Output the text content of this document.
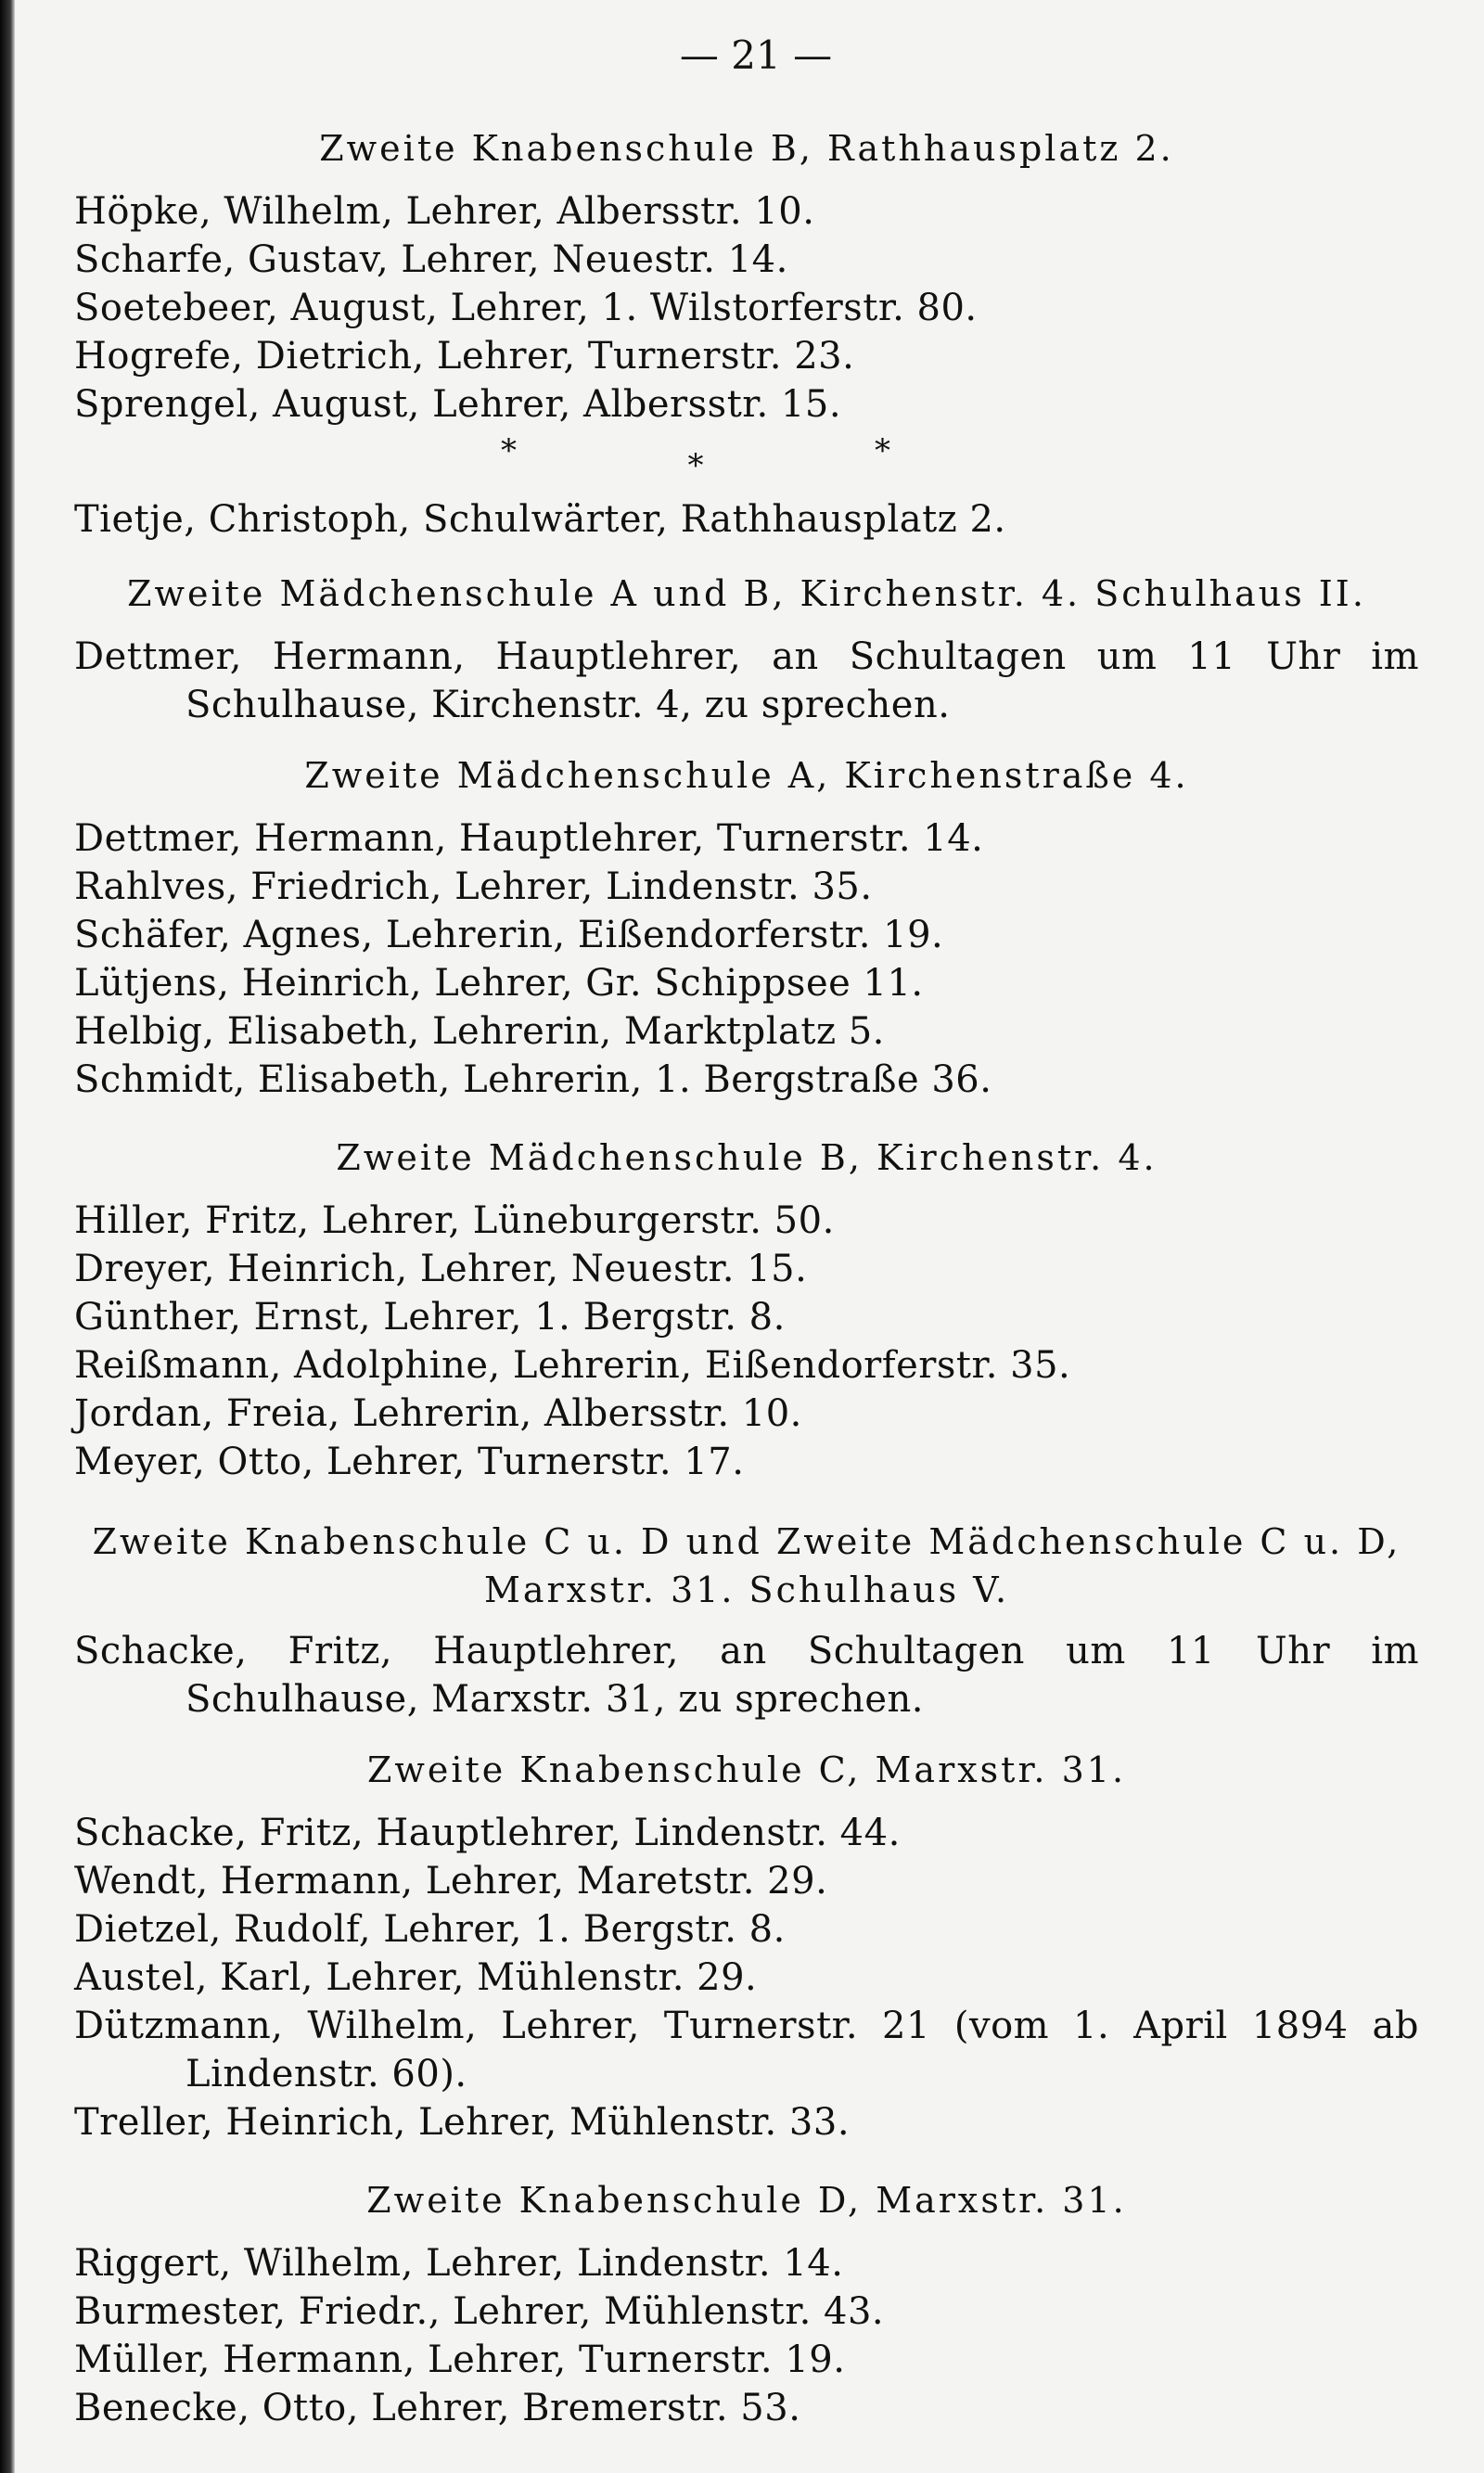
— 21 —
Zweite Knabenschule B, Rathhausplatz 2.
Höpke, Wilhelm, Lehrer, Albersstr. 10.
Scharfe, Gustav, Lehrer, Neuestr. 14.
Soetebeer, August, Lehrer, 1. Wilstorferstr. 80.
Hogrefe, Dietrich, Lehrer, Turnerstr. 23.
Sprengel, August, Lehrer, Albersstr. 15.
*	*	*
Tietje, Christoph, Schulwärter, Rathhausplatz 2.
Zweite Mädchenschule A und B, Kirchenstr. 4. Schulhaus II.
Dettmer, Hermann, Hauptlehrer, an Schultagen um 11 Uhr im Schulhause, Kirchenstr. 4, zu sprechen.
Zweite Mädchenschule A, Kirchenstraße 4.
Dettmer, Hermann, Hauptlehrer, Turnerstr. 14.
Rahlves, Friedrich, Lehrer, Lindenstr. 35.
Schäfer, Agnes, Lehrerin, Eißendorferstr. 19.
Lütjens, Heinrich, Lehrer, Gr. Schippsee 11.
Helbig, Elisabeth, Lehrerin, Marktplatz 5.
Schmidt, Elisabeth, Lehrerin, 1. Bergstraße 36.
Zweite Mädchenschule B, Kirchenstr. 4.
Hiller, Fritz, Lehrer, Lüneburgerstr. 50.
Dreyer, Heinrich, Lehrer, Neuestr. 15.
Günther, Ernst, Lehrer, 1. Bergstr. 8.
Reißmann, Adolphine, Lehrerin, Eißendorferstr. 35.
Jordan, Freia, Lehrerin, Albersstr. 10.
Meyer, Otto, Lehrer, Turnerstr. 17.
Zweite Knabenschule C u. D und Zweite Mädchenschule C u. D, Marxstr. 31. Schulhaus V.
Schacke, Fritz, Hauptlehrer, an Schultagen um 11 Uhr im Schulhause, Marxstr. 31, zu sprechen.
Zweite Knabenschule C, Marxstr. 31.
Schacke, Fritz, Hauptlehrer, Lindenstr. 44.
Wendt, Hermann, Lehrer, Maretstr. 29.
Dietzel, Rudolf, Lehrer, 1. Bergstr. 8.
Austel, Karl, Lehrer, Mühlenstr. 29.
Dützmann, Wilhelm, Lehrer, Turnerstr. 21 (vom 1. April 1894 ab Lindenstr. 60).
Treller, Heinrich, Lehrer, Mühlenstr. 33.
Zweite Knabenschule D, Marxstr. 31.
Riggert, Wilhelm, Lehrer, Lindenstr. 14.
Burmester, Friedr., Lehrer, Mühlenstr. 43.
Müller, Hermann, Lehrer, Turnerstr. 19.
Benecke, Otto, Lehrer, Bremerstr. 53.
